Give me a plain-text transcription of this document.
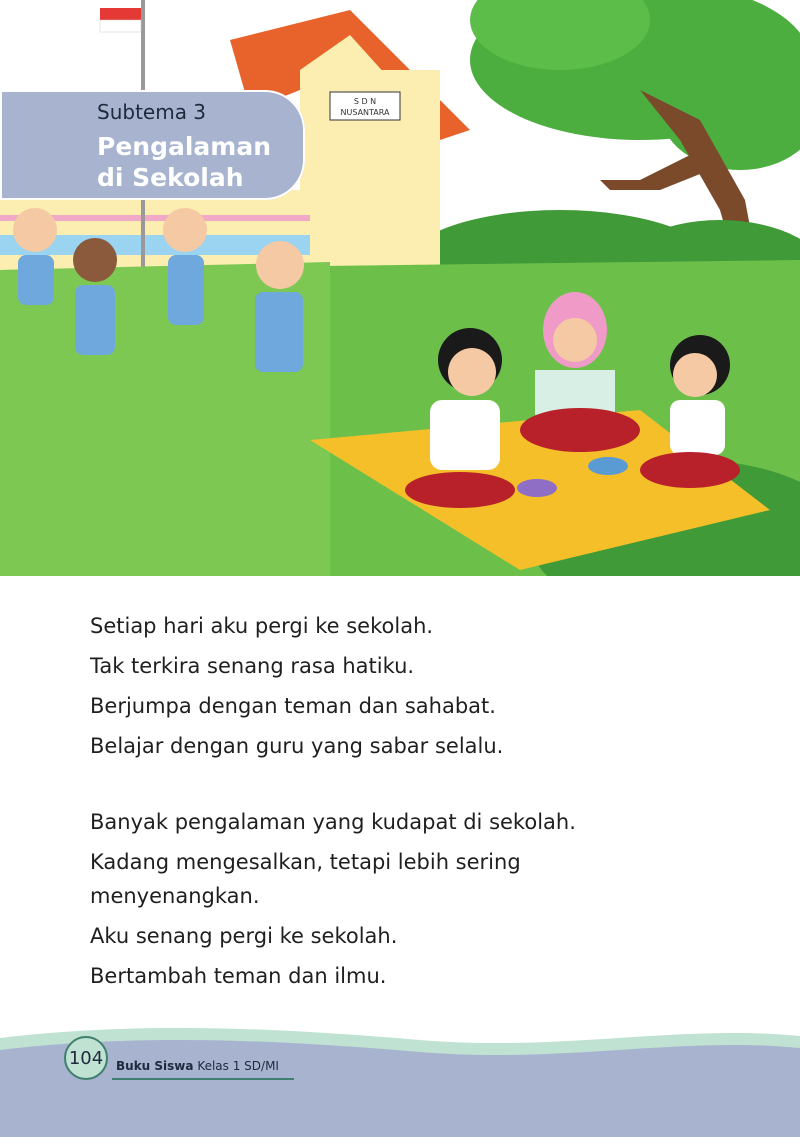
S D N
NUSANTARA
Subtema 3
Pengalaman
di Sekolah

Setiap hari aku pergi ke sekolah.
Tak terkira senang rasa hatiku.
Berjumpa dengan teman dan sahabat.
Belajar dengan guru yang sabar selalu.

Banyak pengalaman yang kudapat di sekolah.
Kadang mengesalkan, tetapi lebih sering menyenangkan.
Aku senang pergi ke sekolah.
Bertambah teman dan ilmu.

104	Buku Siswa Kelas 1 SD/MI
